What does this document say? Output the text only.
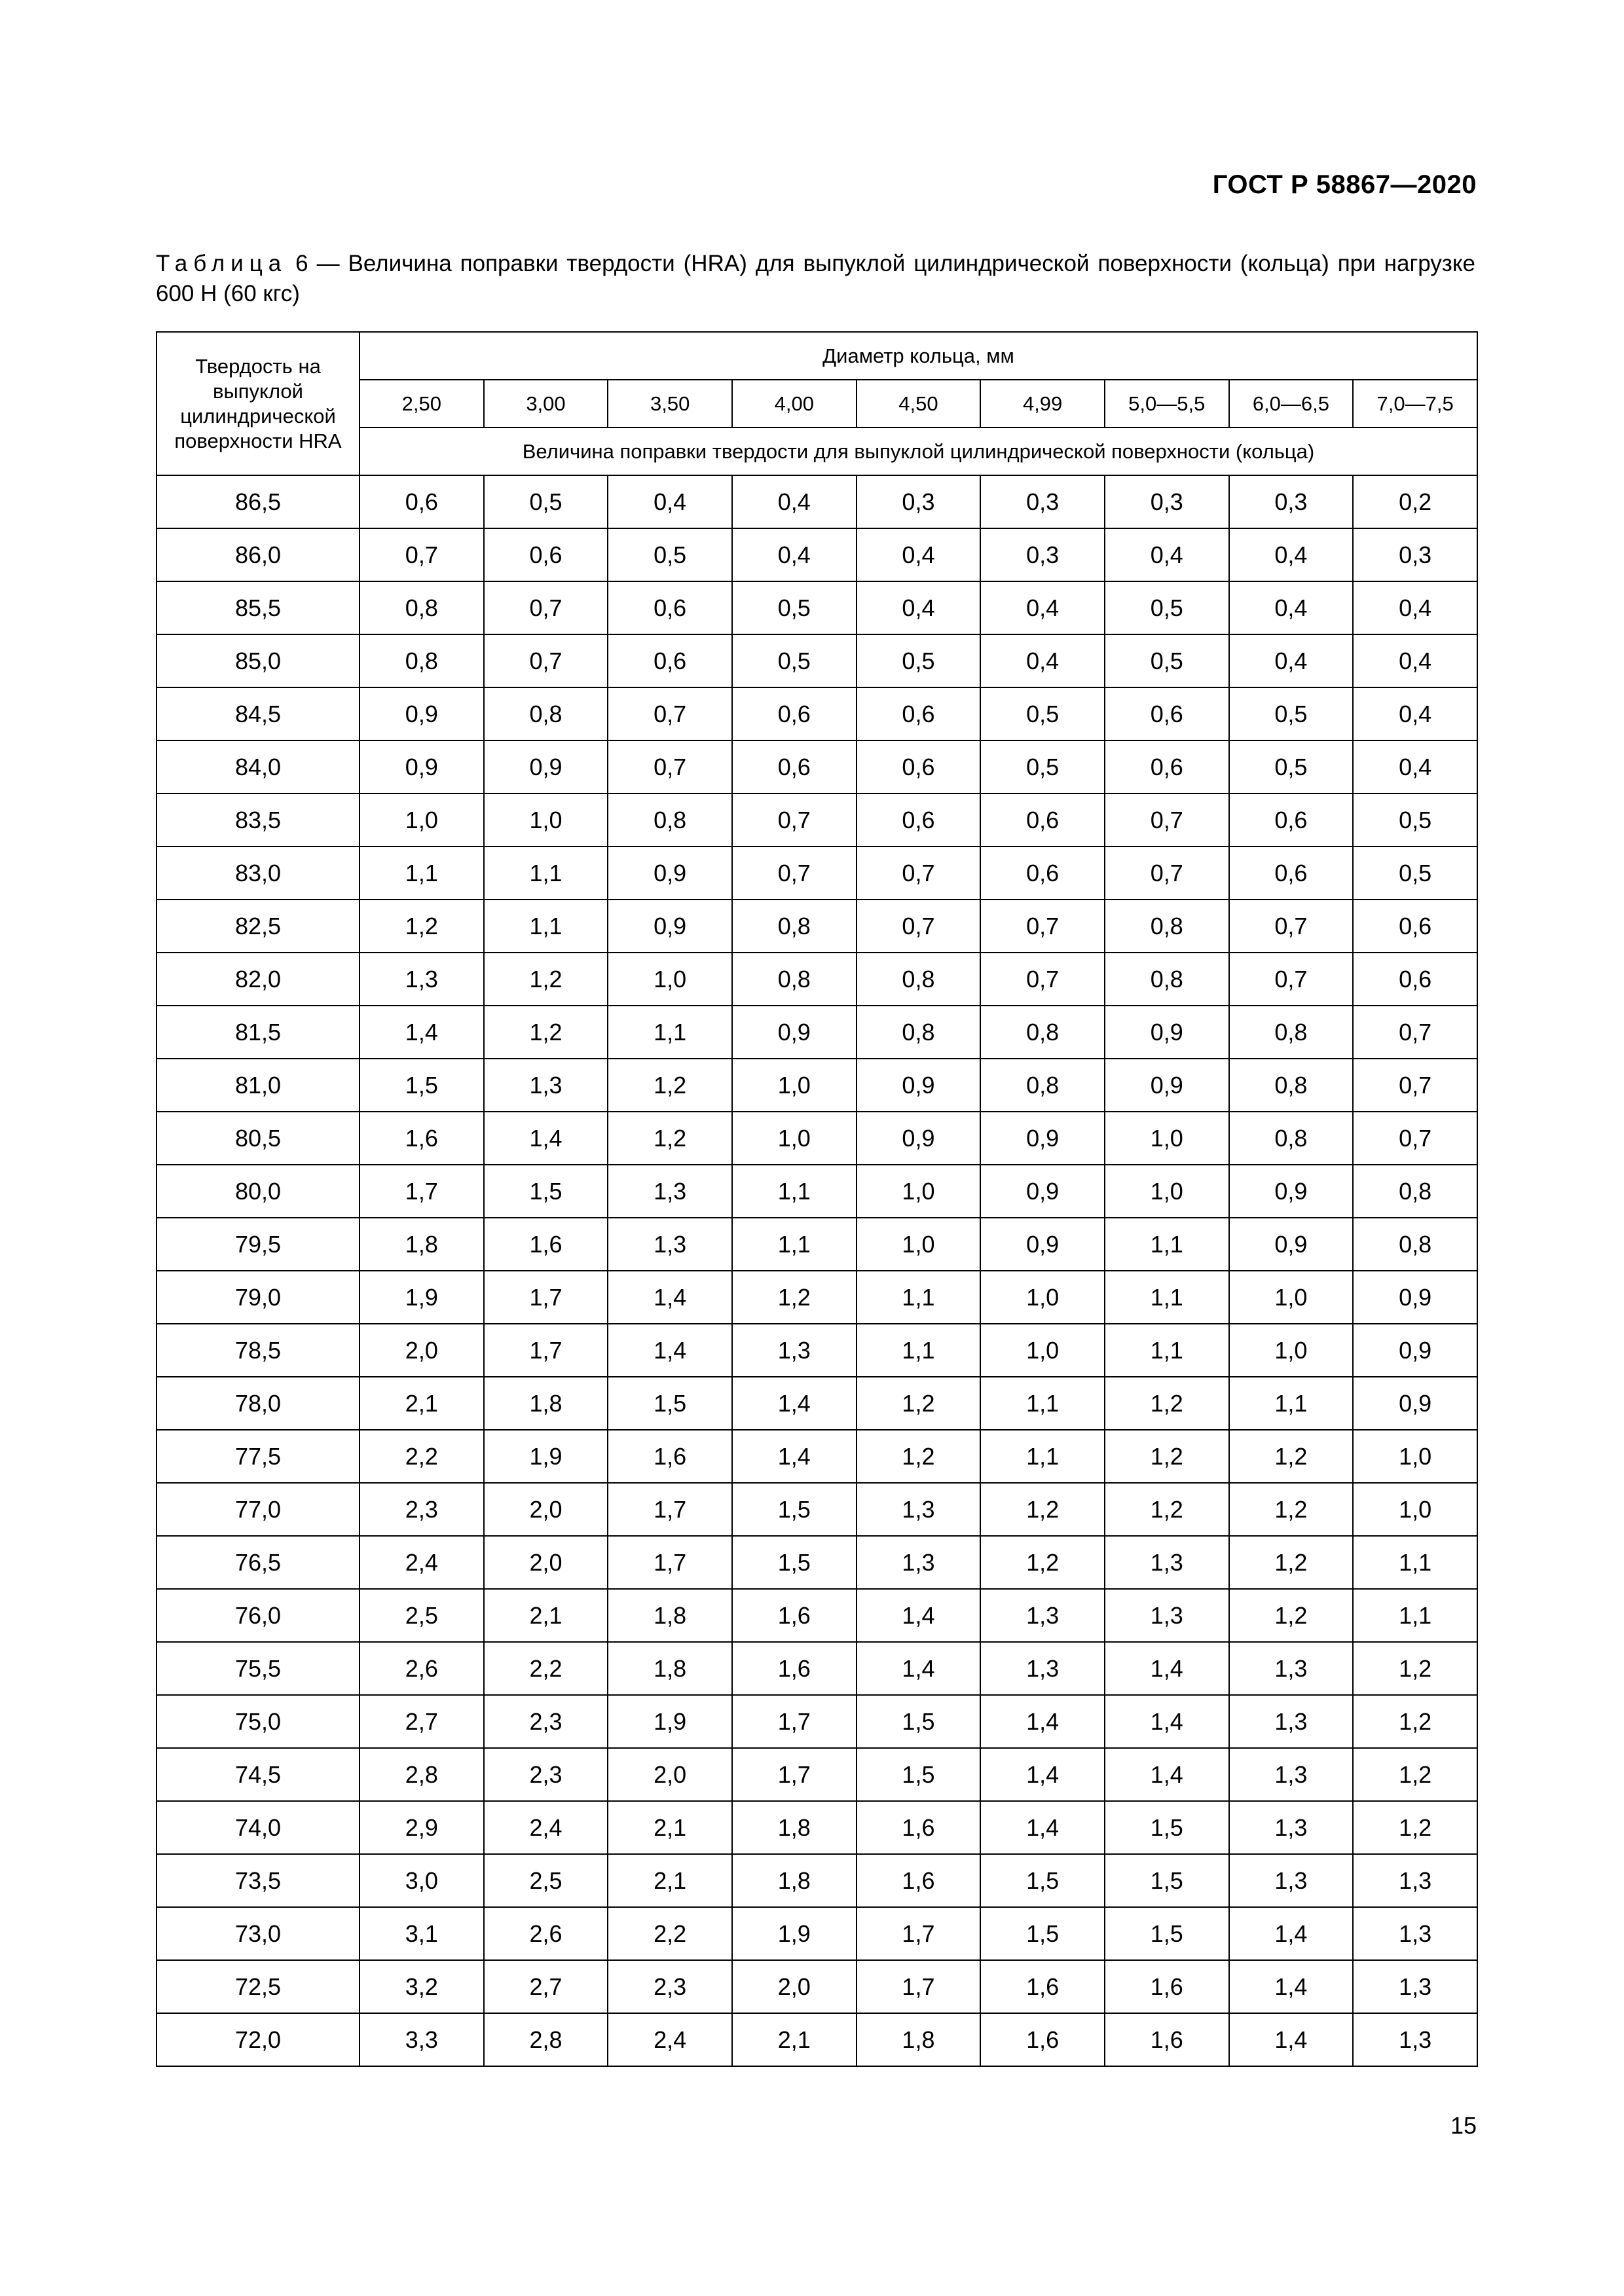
ГОСТ Р 58867—2020
Таблица 6 — Величина поправки твердости (HRA) для выпуклой цилиндрической поверхности (кольца) при нагрузке 600 Н (60 кгс)
Твердость на выпуклой цилиндрической поверхности HRA	Диаметр кольца, мм								
	2,50	3,00	3,50	4,00	4,50	4,99	5,0—5,5	6,0—6,5	7,0—7,5
	Величина поправки твердости для выпуклой цилиндрической поверхности (кольца)								
86,5	0,6	0,5	0,4	0,4	0,3	0,3	0,3	0,3	0,2
86,0	0,7	0,6	0,5	0,4	0,4	0,3	0,4	0,4	0,3
85,5	0,8	0,7	0,6	0,5	0,4	0,4	0,5	0,4	0,4
85,0	0,8	0,7	0,6	0,5	0,5	0,4	0,5	0,4	0,4
84,5	0,9	0,8	0,7	0,6	0,6	0,5	0,6	0,5	0,4
84,0	0,9	0,9	0,7	0,6	0,6	0,5	0,6	0,5	0,4
83,5	1,0	1,0	0,8	0,7	0,6	0,6	0,7	0,6	0,5
83,0	1,1	1,1	0,9	0,7	0,7	0,6	0,7	0,6	0,5
82,5	1,2	1,1	0,9	0,8	0,7	0,7	0,8	0,7	0,6
82,0	1,3	1,2	1,0	0,8	0,8	0,7	0,8	0,7	0,6
81,5	1,4	1,2	1,1	0,9	0,8	0,8	0,9	0,8	0,7
81,0	1,5	1,3	1,2	1,0	0,9	0,8	0,9	0,8	0,7
80,5	1,6	1,4	1,2	1,0	0,9	0,9	1,0	0,8	0,7
80,0	1,7	1,5	1,3	1,1	1,0	0,9	1,0	0,9	0,8
79,5	1,8	1,6	1,3	1,1	1,0	0,9	1,1	0,9	0,8
79,0	1,9	1,7	1,4	1,2	1,1	1,0	1,1	1,0	0,9
78,5	2,0	1,7	1,4	1,3	1,1	1,0	1,1	1,0	0,9
78,0	2,1	1,8	1,5	1,4	1,2	1,1	1,2	1,1	0,9
77,5	2,2	1,9	1,6	1,4	1,2	1,1	1,2	1,2	1,0
77,0	2,3	2,0	1,7	1,5	1,3	1,2	1,2	1,2	1,0
76,5	2,4	2,0	1,7	1,5	1,3	1,2	1,3	1,2	1,1
76,0	2,5	2,1	1,8	1,6	1,4	1,3	1,3	1,2	1,1
75,5	2,6	2,2	1,8	1,6	1,4	1,3	1,4	1,3	1,2
75,0	2,7	2,3	1,9	1,7	1,5	1,4	1,4	1,3	1,2
74,5	2,8	2,3	2,0	1,7	1,5	1,4	1,4	1,3	1,2
74,0	2,9	2,4	2,1	1,8	1,6	1,4	1,5	1,3	1,2
73,5	3,0	2,5	2,1	1,8	1,6	1,5	1,5	1,3	1,3
73,0	3,1	2,6	2,2	1,9	1,7	1,5	1,5	1,4	1,3
72,5	3,2	2,7	2,3	2,0	1,7	1,6	1,6	1,4	1,3
72,0	3,3	2,8	2,4	2,1	1,8	1,6	1,6	1,4	1,3
15
